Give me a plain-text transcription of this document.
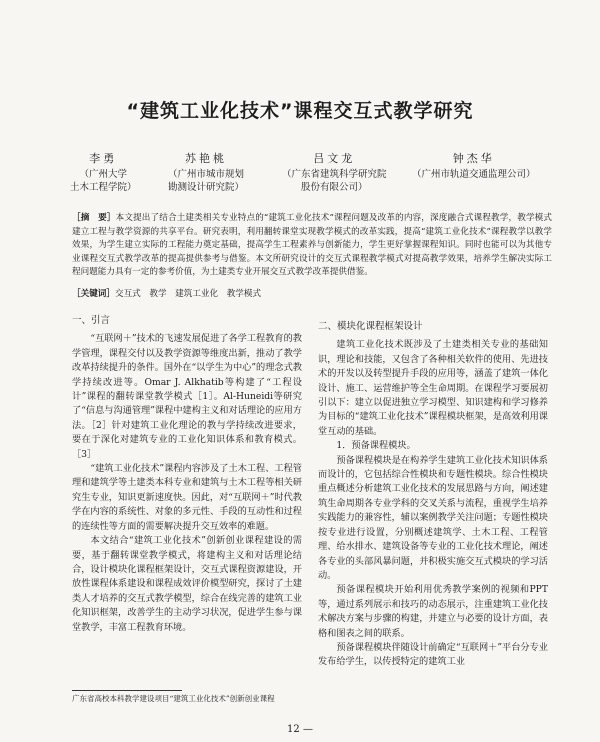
“建筑工业化技术”课程交互式教学研究
李勇
（广州大学
土木工程学院）
苏艳桃
（广州市城市规划
勘测设计研究院）
吕文龙
（广东省建筑科学研究院
股份有限公司）
钟杰华
（广州市轨道交通监理公司）
［摘　要］本文提出了结合土建类相关专业特点的“建筑工业化技术”课程问题及改革的内容，深度融合式课程教学，教学模式建立工程与教学资源的共享平台。研究表明，利用翻转课堂实现教学模式的改革实践，提高“建筑工业化技术”课程教学以教学效果，为学生建立实际的工程能力奠定基础，提高学生工程素养与创新能力，学生更好掌握课程知识。同时也能可以为其他专业课程交互式教学改革的提高提供参考与借鉴。本文所研究设计的交互式课程教学模式对提高教学效果，培养学生解决实际工程问题能力具有一定的参考价值，为土建类专业开展交互式教学改革提供借鉴。
［关键词］交互式　教学　建筑工业化　教学模式
一、引言

“互联网＋”技术的飞速发展促进了各学工程教育的教学管理，课程交付以及教学资源等维度出新，推动了教学改革持续提升的条件。国外在“以学生为中心”的理念式教学持续改进等。Omar J. Alkhatib等构建了“工程设计”课程的翻转课堂教学模式［1］。Al-Huneidi等研究了“信息与沟通管理”课程中建构主义和对话理论的应用方法。［2］针对建筑工业化理论的教与学持续改进要求，要在于深化对建筑专业的工业化知识体系和教育模式。［3］

“建筑工业化技术”课程内容涉及了土木工程、工程管理和建筑学等土建类本科专业和建筑与土木工程等相关研究生专业，知识更新速度快。因此，对“互联网＋”时代教学在内容的系统性、对象的多元性、手段的互动性和过程的连续性等方面的需要解决提升交互效率的难题。

本文结合“建筑工业化技术”创新创业课程建设的需要，基于翻转课堂教学模式，将建构主义和对话理论结合，设计模块化课程框架设计，交互式课程资源建设，开放性课程体系建设和课程成效评价模型研究，探讨了土建类人才培养的交互式教学模型，综合在线完善的建筑工业化知识框架，改善学生的主动学习状况，促进学生参与课堂教学，丰富工程教育环境。

二、模块化课程框架设计

建筑工业化技术既涉及了土建类相关专业的基础知识，理论和技能，又包含了各种相关软件的使用、先进技术的开发以及转型提升手段的应用等，涵盖了建筑一体化设计、施工、运营维护等全生命周期。在课程学习要展初引以下：建立以促进独立学习模型、知识建构和学习修养为目标的“建筑工业化技术”课程模块框架，是高效利用课堂互动的基础。

1．预备课程模块。

预备课程模块是在构养学生建筑工业化技术知识体系而设计的，它包括综合性模块和专题性模块。综合性模块重点概述分析建筑工业化技术的发展思路与方向，阐述建筑生命周期各专业学科的交叉关系与流程，重视学生培养实践能力的兼容性，辅以案例教学关注问题；专题性模块按专业进行设置，分别概述建筑学、土木工程、工程管理、给水排水、建筑设备等专业的工业化技术理论，阐述各专业的头部风暴问题，并积极实施交互式模块的学习活动。

预备课程模块开始利用优秀教学案例的视频和PPT等，通过系列展示和技巧的动态展示，注重建筑工业化技术解决方案与步骤的构建，并建立与必要的设计方面，表格和图表之间的联系。

预备课程模块伴随设计前确定“互联网＋”平台分专业发布给学生，以传授特定的建筑工业

广东省高校本科教学建设项目“建筑工业化技术”创新创业课程
12 —
